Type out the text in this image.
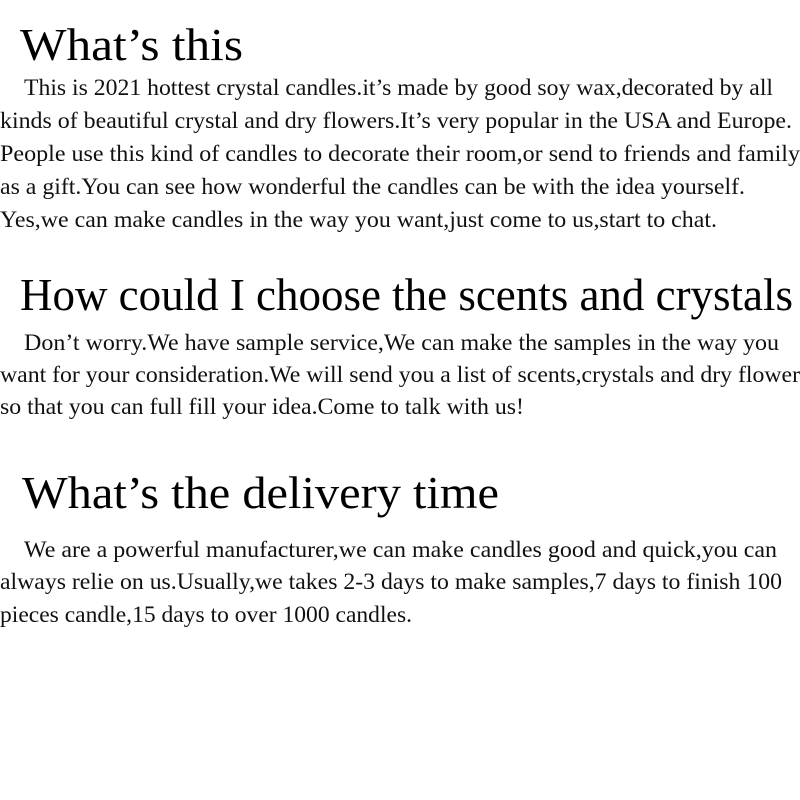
What’s this
This is 2021 hottest crystal candles.it’s made by good soy wax,decorated by all
kinds of beautiful crystal and dry flowers.It’s very popular in the USA and Europe.
People use this kind of candles to decorate their room,or send to friends and family
as a gift.You can see how wonderful the candles can be with the idea yourself.
Yes,we can make candles in the way you want,just come to us,start to chat.
How could I choose the scents and crystals
Don’t worry.We have sample service,We can make the samples in the way you
want for your consideration.We will send you a list of scents,crystals and dry flower
so that you can full fill your idea.Come to talk with us!
What’s the delivery time
We are a powerful manufacturer,we can make candles good and quick,you can
always relie on us.Usually,we takes 2-3 days to make samples,7 days to finish 100
pieces candle,15 days to over 1000 candles.
